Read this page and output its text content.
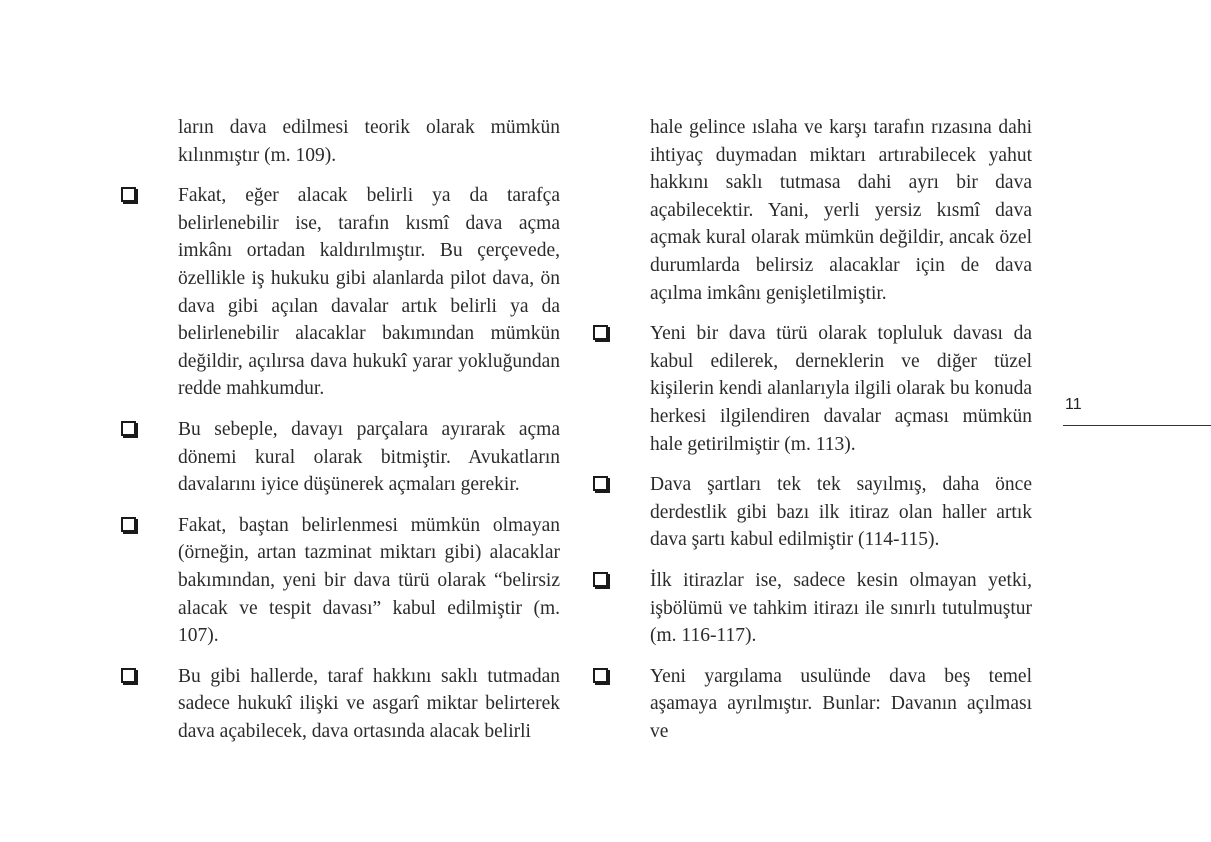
ların dava edilmesi teorik olarak mümkün kılınmıştır (m. 109).

Fakat, eğer alacak belirli ya da tarafça belirlenebilir ise, tarafın kısmî dava açma imkânı ortadan kaldırılmıştır. Bu çerçevede, özellikle iş hukuku gibi alanlarda pilot dava, ön dava gibi açılan davalar artık belirli ya da belirlenebilir alacaklar bakımından mümkün değildir, açılırsa dava hukukî yarar yokluğundan redde mahkumdur.

Bu sebeple, davayı parçalara ayırarak açma dönemi kural olarak bitmiştir. Avukatların davalarını iyice düşünerek açmaları gerekir.

Fakat, baştan belirlenmesi mümkün olmayan (örneğin, artan tazminat miktarı gibi) alacaklar bakımından, yeni bir dava türü olarak “belirsiz alacak ve tespit davası” kabul edilmiştir (m. 107).

Bu gibi hallerde, taraf hakkını saklı tutmadan sadece hukukî ilişki ve asgarî miktar belirterek dava açabilecek, dava ortasında alacak belirli

hale gelince ıslaha ve karşı tarafın rızasına dahi ihtiyaç duymadan miktarı artırabilecek yahut hakkını saklı tutmasa dahi ayrı bir dava açabilecektir. Yani, yerli yersiz kısmî dava açmak kural olarak mümkün değildir, ancak özel durumlarda belirsiz alacaklar için de dava açılma imkânı genişletilmiştir.

Yeni bir dava türü olarak topluluk davası da kabul edilerek, derneklerin ve diğer tüzel kişilerin kendi alanlarıyla ilgili olarak bu konuda herkesi ilgilendiren davalar açması mümkün hale getirilmiştir (m. 113).

Dava şartları tek tek sayılmış, daha önce derdestlik gibi bazı ilk itiraz olan haller artık dava şartı kabul edilmiştir (114-115).

İlk itirazlar ise, sadece kesin olmayan yetki, işbölümü ve tahkim itirazı ile sınırlı tutulmuştur (m. 116-117).

Yeni yargılama usulünde dava beş temel aşamaya ayrılmıştır. Bunlar: Davanın açılması ve

11
